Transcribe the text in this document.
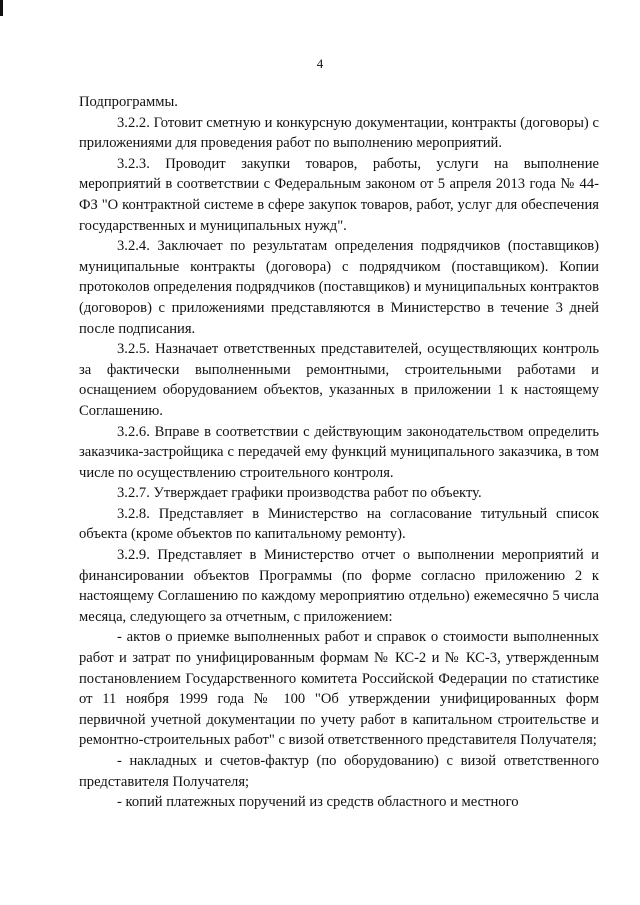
4

Подпрограммы.

3.2.2. Готовит сметную и конкурсную документации, контракты (договоры) с приложениями для проведения работ по выполнению мероприятий.

3.2.3. Проводит закупки товаров, работы, услуги на выполнение мероприятий в соответствии с Федеральным законом от 5 апреля 2013 года № 44-ФЗ "О контрактной системе в сфере закупок товаров, работ, услуг для обеспечения государственных и муниципальных нужд".

3.2.4. Заключает по результатам определения подрядчиков (поставщиков) муниципальные контракты (договора) с подрядчиком (поставщиком). Копии протоколов определения подрядчиков (поставщиков) и муниципальных контрактов (договоров) с приложениями представляются в Министерство в течение 3 дней после подписания.

3.2.5. Назначает ответственных представителей, осуществляющих контроль за фактически выполненными ремонтными, строительными работами и оснащением оборудованием объектов, указанных в приложении 1 к настоящему Соглашению.

3.2.6. Вправе в соответствии с действующим законодательством определить заказчика-застройщика с передачей ему функций муниципального заказчика, в том числе по осуществлению строительного контроля.

3.2.7. Утверждает графики производства работ по объекту.

3.2.8. Представляет в Министерство на согласование титульный список объекта (кроме объектов по капитальному ремонту).

3.2.9. Представляет в Министерство отчет о выполнении мероприятий и финансировании объектов Программы (по форме согласно приложению 2 к настоящему Соглашению по каждому мероприятию отдельно) ежемесячно 5 числа месяца, следующего за отчетным, с приложением:

- актов о приемке выполненных работ и справок о стоимости выполненных работ и затрат по унифицированным формам № КС-2 и № КС-3, утвержденным постановлением Государственного комитета Российской Федерации по статистике от 11 ноября 1999 года № 100 "Об утверждении унифицированных форм первичной учетной документации по учету работ в капитальном строительстве и ремонтно-строительных работ" с визой ответственного представителя Получателя;

- накладных и счетов-фактур (по оборудованию) с визой ответственного представителя Получателя;

- копий платежных поручений из средств областного и местного
